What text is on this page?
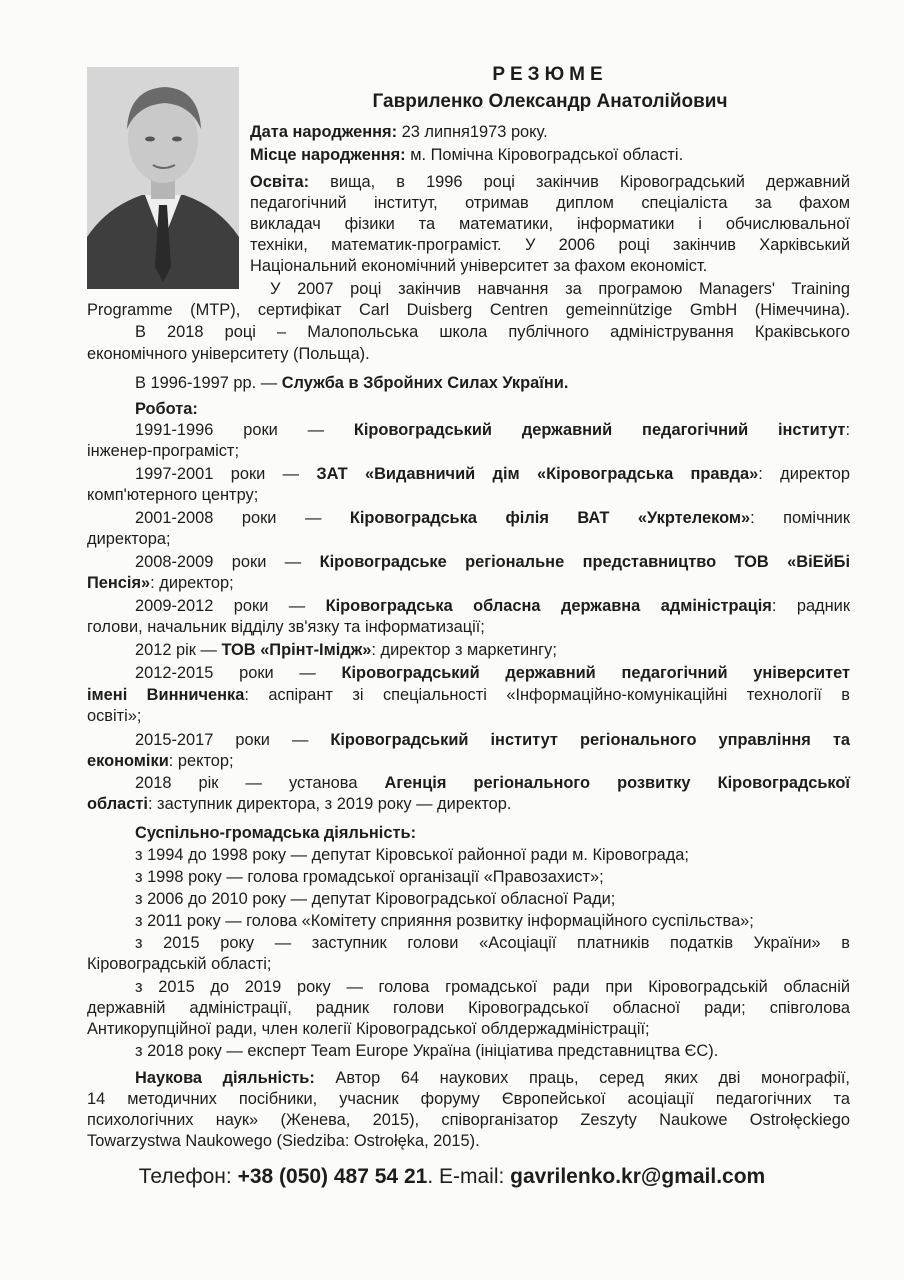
РЕЗЮМЕ
Гавриленко Олександр Анатолійович
Дата народження: 23 липня1973 року.
Місце народження: м. Помічна Кіровоградської області.
Освіта: вища, в 1996 році закінчив Кіровоградський державний
педагогічний інститут, отримав диплом спеціаліста за фахом
викладач фізики та математики, інформатики і обчислювальної
техніки, математик-програміст. У 2006 році закінчив Харківський
Національний економічний університет за фахом економіст.
У 2007 році закінчив навчання за програмою Managers' Training
Programme (MTP), сертифікат Carl Duisberg Centren gemeinnützige GmbH (Німеччина).
В 2018 році – Малопольська школа публічного адміністрування Краківського
економічного університету (Польща).
В 1996-1997 рр. — Служба в Збройних Силах України.
Робота:
1991-1996 роки — Кіровоградський державний педагогічний інститут:
інженер-програміст;
1997-2001 роки — ЗАТ «Видавничий дім «Кіровоградська правда»: директор
комп'ютерного центру;
2001-2008 роки — Кіровоградська філія ВАТ «Укртелеком»: помічник
директора;
2008-2009 роки — Кіровоградське регіональне представництво ТОВ «ВіЕйБі
Пенсія»: директор;
2009-2012 роки — Кіровоградська обласна державна адміністрація: радник
голови, начальник відділу зв'язку та інформатизації;
2012 рік — ТОВ «Прінт-Імідж»: директор з маркетингу;
2012-2015 роки — Кіровоградський державний педагогічний університет
імені Винниченка: аспірант зі спеціальності «Інформаційно-комунікаційні технології в
освіті»;
2015-2017 роки — Кіровоградський інститут регіонального управління та
економіки: ректор;
2018 рік — установа Агенція регіонального розвитку Кіровоградської
області: заступник директора, з 2019 року — директор.
Суспільно-громадська діяльність:
з 1994 до 1998 року — депутат Кіровської районної ради м. Кіровограда;
з 1998 року — голова громадської організації «Правозахист»;
з 2006 до 2010 року — депутат Кіровоградської обласної Ради;
з 2011 року — голова «Комітету сприяння розвитку інформаційного суспільства»;
з 2015 року — заступник голови «Асоціації платників податків України» в
Кіровоградській області;
з 2015 до 2019 року — голова громадської ради при Кіровоградській обласній
державній адміністрації, радник голови Кіровоградської обласної ради; співголова
Антикорупційної ради, член колегії Кіровоградської облдержадміністрації;
з 2018 року — експерт Team Europe Україна (ініціатива представництва ЄС).
Наукова діяльність: Автор 64 наукових праць, серед яких дві монографії,
14 методичних посібники, учасник форуму Європейської асоціації педагогічних та
психологічних наук» (Женева, 2015), співорганізатор Zeszyty Naukowe Ostrołęckiego
Towarzystwa Naukowego (Siedziba: Ostrołęka, 2015).
Телефон: +38 (050) 487 54 21. E-mail: gavrilenko.kr@gmail.com
